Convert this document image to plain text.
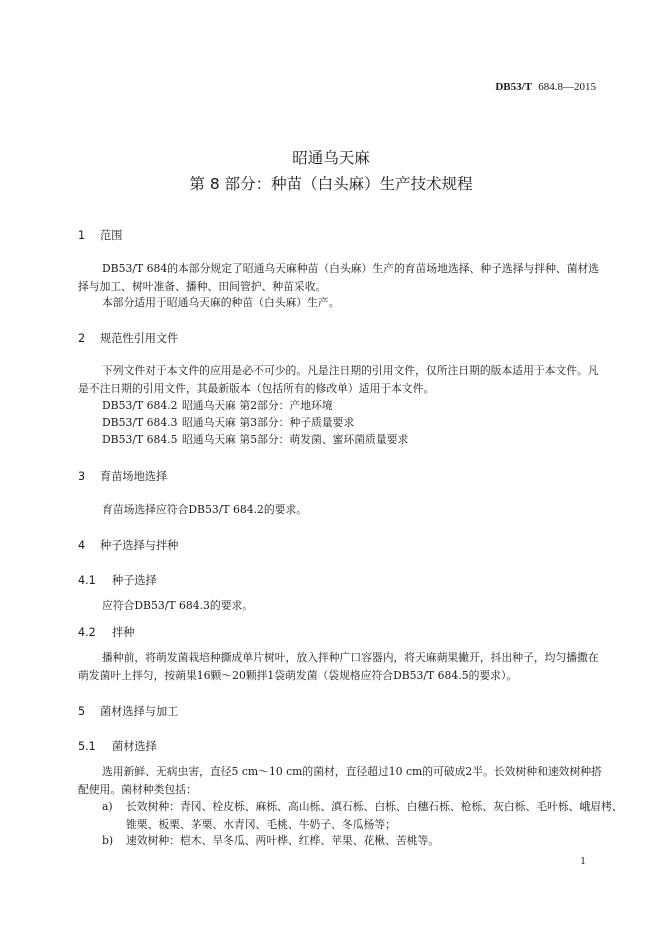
DB53/T 684.8—2015
昭通乌天麻
第 8 部分：种苗（白头麻）生产技术规程
1 范围
DB53/T 684的本部分规定了昭通乌天麻种苗（白头麻）生产的育苗场地选择、种子选择与拌种、菌材选择与加工、树叶准备、播种、田间管护、种苗采收。
本部分适用于昭通乌天麻的种苗（白头麻）生产。
2 规范性引用文件
下列文件对于本文件的应用是必不可少的。凡是注日期的引用文件，仅所注日期的版本适用于本文件。凡是不注日期的引用文件，其最新版本（包括所有的修改单）适用于本文件。
DB53/T 684.2 昭通乌天麻 第2部分：产地环境
DB53/T 684.3 昭通乌天麻 第3部分：种子质量要求
DB53/T 684.5 昭通乌天麻 第5部分：萌发菌、蜜环菌质量要求
3 育苗场地选择
育苗场选择应符合DB53/T 684.2的要求。
4 种子选择与拌种
4.1 种子选择
应符合DB53/T 684.3的要求。
4.2 拌种
播种前，将萌发菌栽培种撕成单片树叶，放入拌种广口容器内，将天麻蒴果撇开，抖出种子，均匀播撒在萌发菌叶上拌匀，按蒴果16颗～20颗拌1袋萌发菌（袋规格应符合DB53/T 684.5的要求）。
5 菌材选择与加工
5.1 菌材选择
选用新鲜、无病虫害，直径5 cm～10 cm的菌材，直径超过10 cm的可破成2半。长效树种和速效树种搭配使用。菌材种类包括：
a) 长效树种：青冈、栓皮栎、麻栎、高山栎、滇石栎、白栎、白穗石栎、枪栎、灰白栎、毛叶栎、峨眉栲、锥栗、板栗、茅栗、水青冈、毛桃、牛奶子、冬瓜杨等；
b) 速效树种：桤木、旱冬瓜、两叶桦、红桦、苹果、花楸、苦桃等。
1
